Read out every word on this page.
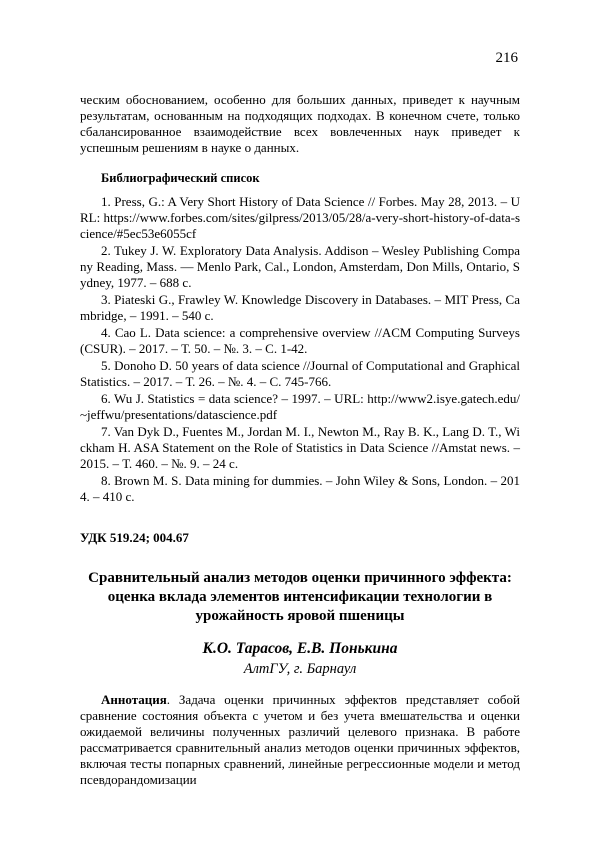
216

ческим обоснованием, особенно для больших данных, приведет к научным результатам, основанным на подходящих подходах. В конечном счете, только сбалансированное взаимодействие всех вовлеченных наук приведет к успешным решениям в науке о данных.

Библиографический список
1. Press, G.: A Very Short History of Data Science // Forbes. May 28, 2013. – URL: https://www.forbes.com/sites/gilpress/2013/05/28/a-very-short-history-of-data-science/#5ec53e6055cf
2. Tukey J. W. Exploratory Data Analysis. Addison – Wesley Publishing Company Reading, Mass. — Menlo Park, Cal., London, Amsterdam, Don Mills, Ontario, Sydney, 1977. – 688 c.
3. Piateski G., Frawley W. Knowledge Discovery in Databases. – MIT Press, Cambridge, – 1991. – 540 c.
4. Cao L. Data science: a comprehensive overview //ACM Computing Surveys (CSUR). – 2017. – Т. 50. – №. 3. – С. 1-42.
5. Donoho D. 50 years of data science //Journal of Computational and Graphical Statistics. – 2017. – Т. 26. – №. 4. – С. 745-766.
6. Wu J. Statistics = data science? – 1997. – URL: http://www2.isye.gatech.edu/~jeffwu/presentations/datascience.pdf
7. Van Dyk D., Fuentes M., Jordan M. I., Newton M., Ray B. K., Lang D. T., Wickham H. ASA Statement on the Role of Statistics in Data Science //Amstat news. – 2015. – Т. 460. – №. 9. – 24 с.
8. Brown M. S. Data mining for dummies. – John Wiley & Sons, London. – 2014. – 410 с.
УДК 519.24; 004.67
Сравнительный анализ методов оценки причинного эффекта: оценка вклада элементов интенсификации технологии в урожайность яровой пшеницы
К.О. Тарасов, Е.В. Понькина
АлтГУ, г. Барнаул

Аннотация. Задача оценки причинных эффектов представляет собой сравнение состояния объекта с учетом и без учета вмешательства и оценки ожидаемой величины полученных различий целевого признака. В работе рассматривается сравнительный анализ методов оценки причинных эффектов, включая тесты попарных сравнений, линейные регрессионные модели и метод псевдорандомизации
